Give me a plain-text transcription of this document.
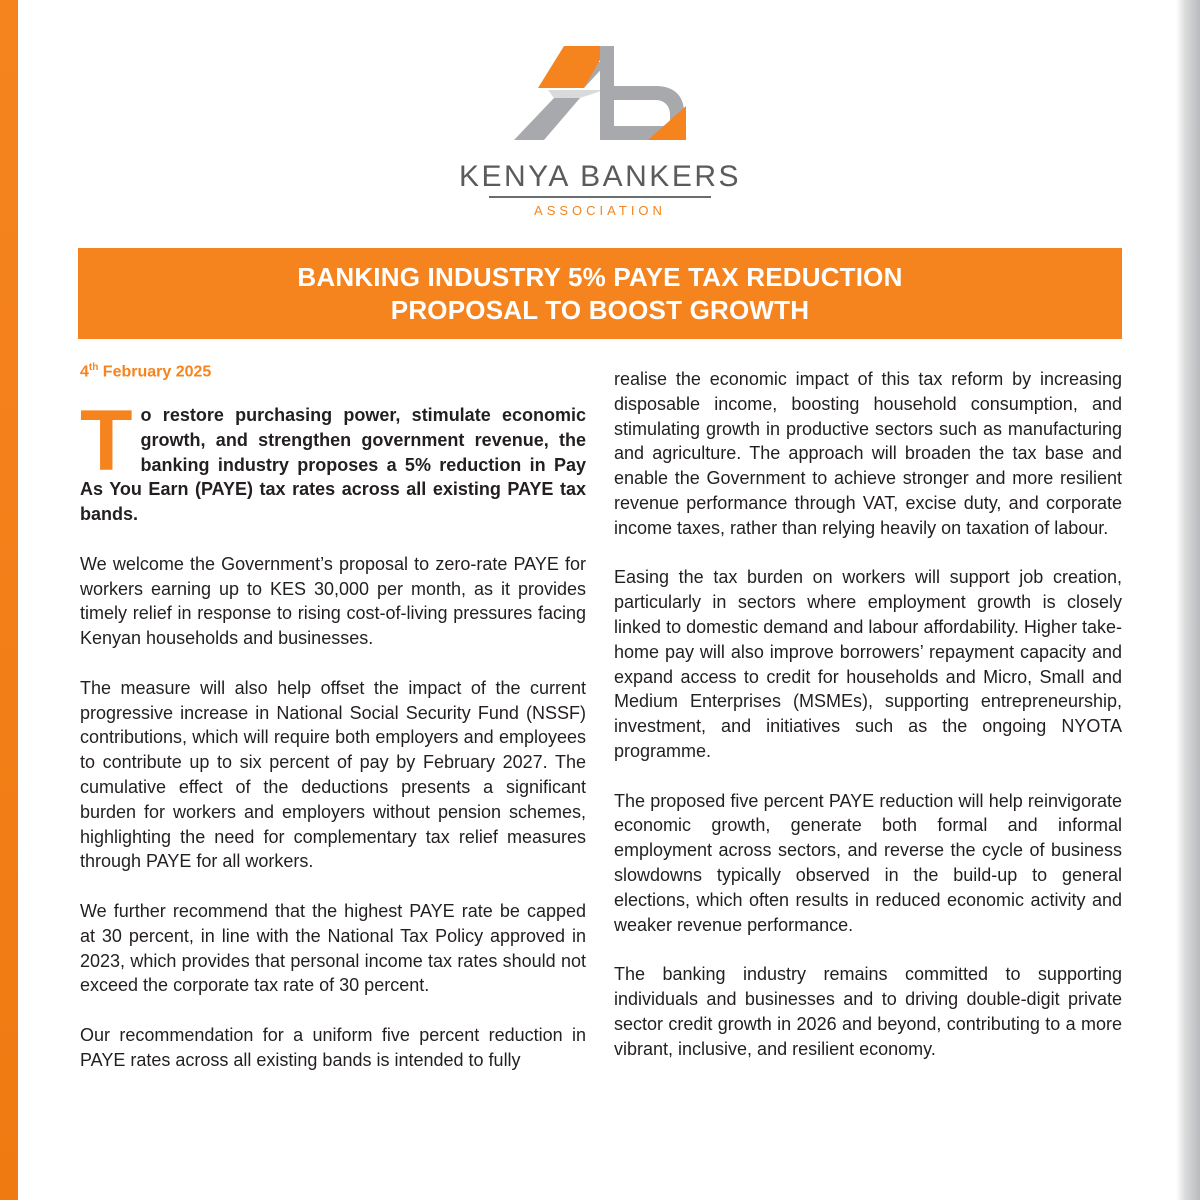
KENYA BANKERS
ASSOCIATION
BANKING INDUSTRY 5% PAYE TAX REDUCTION
PROPOSAL TO BOOST GROWTH
4th February 2025

To restore purchasing power, stimulate economic growth, and strengthen government revenue, the banking industry proposes a 5% reduction in Pay As You Earn (PAYE) tax rates across all existing PAYE tax bands.

We welcome the Government’s proposal to zero-rate PAYE for workers earning up to KES 30,000 per month, as it provides timely relief in response to rising cost-of-living pressures facing Kenyan households and businesses.

The measure will also help offset the impact of the current progressive increase in National Social Security Fund (NSSF) contributions, which will require both employers and employees to contribute up to six percent of pay by February 2027. The cumulative effect of the deductions presents a significant burden for workers and employers without pension schemes, highlighting the need for complementary tax relief measures through PAYE for all workers.

We further recommend that the highest PAYE rate be capped at 30 percent, in line with the National Tax Policy approved in 2023, which provides that personal income tax rates should not exceed the corporate tax rate of 30 percent.

Our recommendation for a uniform five percent reduction in PAYE rates across all existing bands is intended to fully

realise the economic impact of this tax reform by increasing disposable income, boosting household consumption, and stimulating growth in productive sectors such as manufacturing and agriculture. The approach will broaden the tax base and enable the Government to achieve stronger and more resilient revenue performance through VAT, excise duty, and corporate income taxes, rather than relying heavily on taxation of labour.

Easing the tax burden on workers will support job creation, particularly in sectors where employment growth is closely linked to domestic demand and labour affordability. Higher take-home pay will also improve borrowers’ repayment capacity and expand access to credit for households and Micro, Small and Medium Enterprises (MSMEs), supporting entrepreneurship, investment, and initiatives such as the ongoing NYOTA programme.

The proposed five percent PAYE reduction will help reinvigorate economic growth, generate both formal and informal employment across sectors, and reverse the cycle of business slowdowns typically observed in the build-up to general elections, which often results in reduced economic activity and weaker revenue performance.

The banking industry remains committed to supporting individuals and businesses and to driving double-digit private sector credit growth in 2026 and beyond, contributing to a more vibrant, inclusive, and resilient economy.
